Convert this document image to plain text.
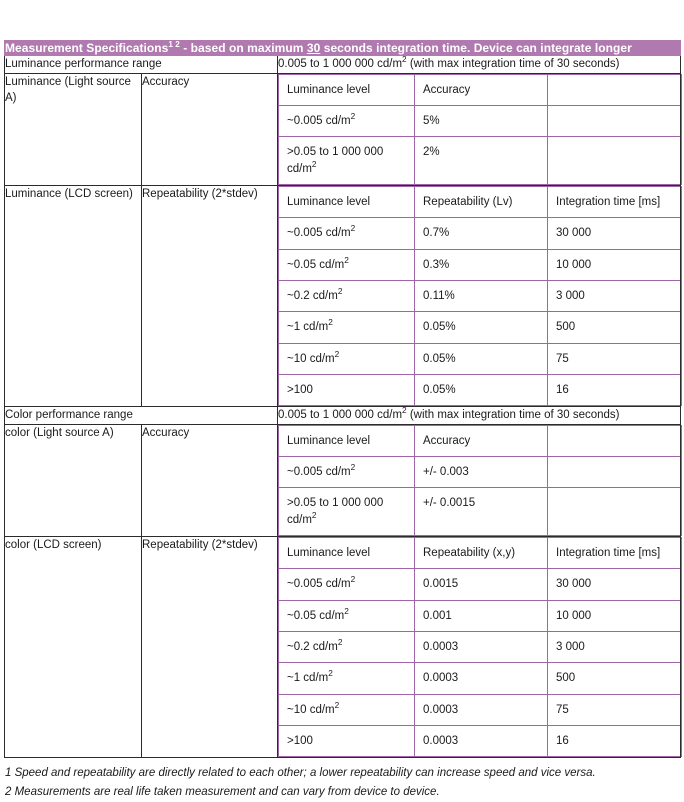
Measurement Specifications$^{1 2}$ - based on maximum 30 seconds integration time. Device can integrate longer
Luminance performance range	0.005 to 1 000 000 $cd/m^2$ (with max integration time of 30 seconds)
Luminance (Light source A)	Accuracy	
Luminance level	Accuracy	
~0.005 $cd/m^2$	5%	
>0.05 to 1 000 000 $cd/m^2$	2%	

Luminance (LCD screen)	Repeatability (2*stdev)	
Luminance level	Repeatability (Lv)	Integration time [ms]
~0.005 $cd/m^2$	0.7%	30 000
~0.05 $cd/m^2$	0.3%	10 000
~0.2 $cd/m^2$	0.11%	3 000
~1 $cd/m^2$	0.05%	500
~10 $cd/m^2$	0.05%	75
>100	0.05%	16

Color performance range	0.005 to 1 000 000 $cd/m^2$ (with max integration time of 30 seconds)
color (Light source A)	Accuracy	
Luminance level	Accuracy	
~0.005 $cd/m^2$	+/- 0.003	
>0.05 to 1 000 000 $cd/m^2$	+/- 0.0015	

color (LCD screen)	Repeatability (2*stdev)	
Luminance level	Repeatability (x,y)	Integration time [ms]
~0.005 $cd/m^2$	0.0015	30 000
~0.05 $cd/m^2$	0.001	10 000
~0.2 $cd/m^2$	0.0003	3 000
~1 $cd/m^2$	0.0003	500
~10 $cd/m^2$	0.0003	75
>100	0.0003	16
1 Speed and repeatability are directly related to each other; a lower repeatability can increase speed and vice versa.
2 Measurements are real life taken measurement and can vary from device to device.
